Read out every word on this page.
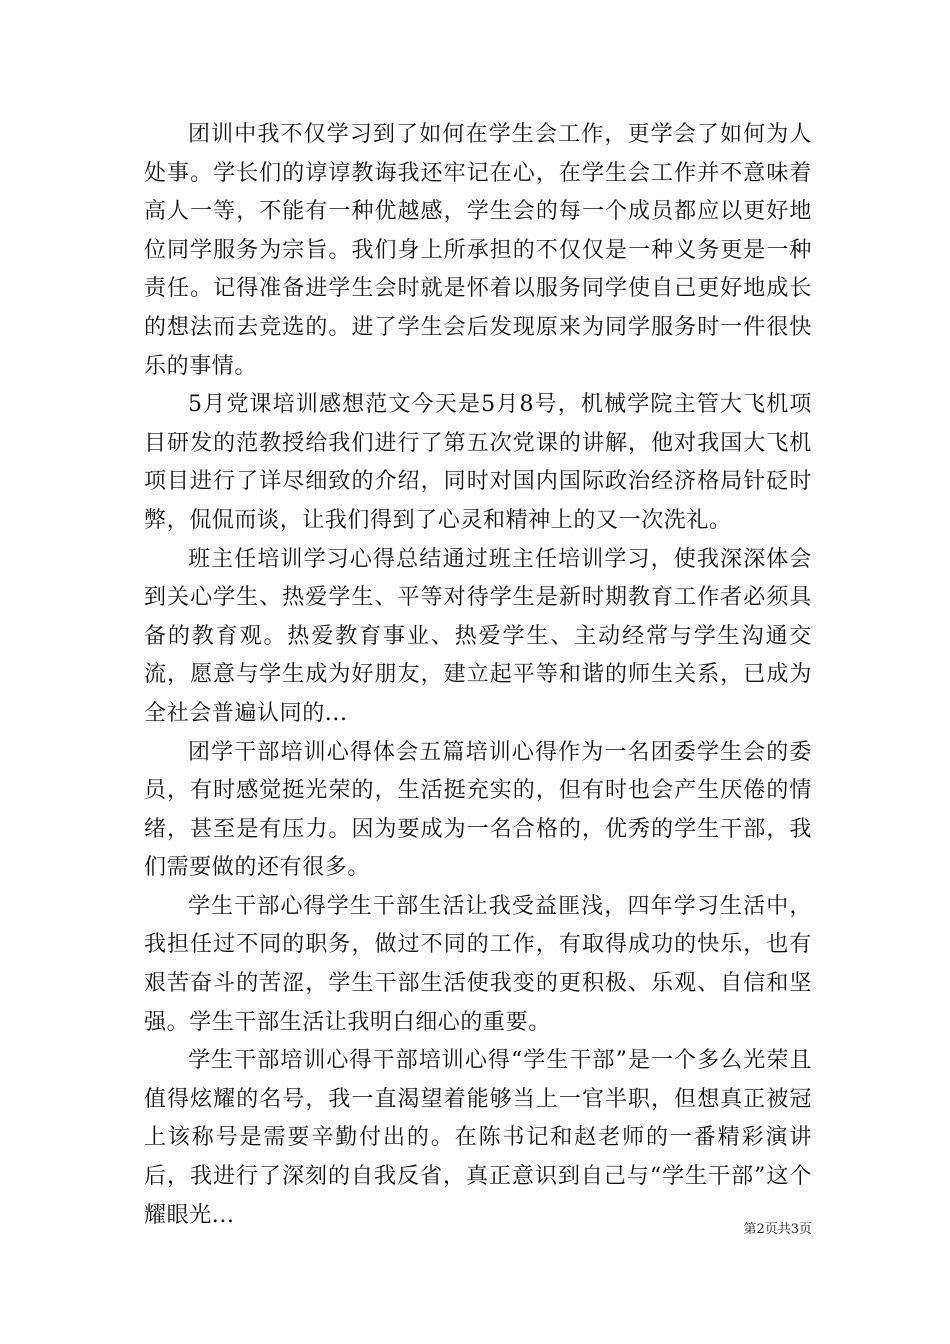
团训中我不仅学习到了如何在学生会工作，更学会了如何为人处事。学长们的谆谆教诲我还牢记在心，在学生会工作并不意味着高人一等，不能有一种优越感，学生会的每一个成员都应以更好地位同学服务为宗旨。我们身上所承担的不仅仅是一种义务更是一种责任。记得准备进学生会时就是怀着以服务同学使自己更好地成长的想法而去竞选的。进了学生会后发现原来为同学服务时一件很快乐的事情。

5月党课培训感想范文今天是5月8号，机械学院主管大飞机项目研发的范教授给我们进行了第五次党课的讲解，他对我国大飞机项目进行了详尽细致的介绍，同时对国内国际政治经济格局针砭时弊，侃侃而谈，让我们得到了心灵和精神上的又一次洗礼。

班主任培训学习心得总结通过班主任培训学习，使我深深体会到关心学生、热爱学生、平等对待学生是新时期教育工作者必须具备的教育观。热爱教育事业、热爱学生、主动经常与学生沟通交流，愿意与学生成为好朋友，建立起平等和谐的师生关系，已成为全社会普遍认同的...

团学干部培训心得体会五篇培训心得作为一名团委学生会的委员，有时感觉挺光荣的，生活挺充实的，但有时也会产生厌倦的情绪，甚至是有压力。因为要成为一名合格的，优秀的学生干部，我们需要做的还有很多。

学生干部心得学生干部生活让我受益匪浅，四年学习生活中，我担任过不同的职务，做过不同的工作，有取得成功的快乐，也有艰苦奋斗的苦涩，学生干部生活使我变的更积极、乐观、自信和坚强。学生干部生活让我明白细心的重要。

学生干部培训心得干部培训心得“学生干部”是一个多么光荣且值得炫耀的名号，我一直渴望着能够当上一官半职，但想真正被冠上该称号是需要辛勤付出的。在陈书记和赵老师的一番精彩演讲后，我进行了深刻的自我反省，真正意识到自己与“学生干部”这个耀眼光...

第2页共3页
